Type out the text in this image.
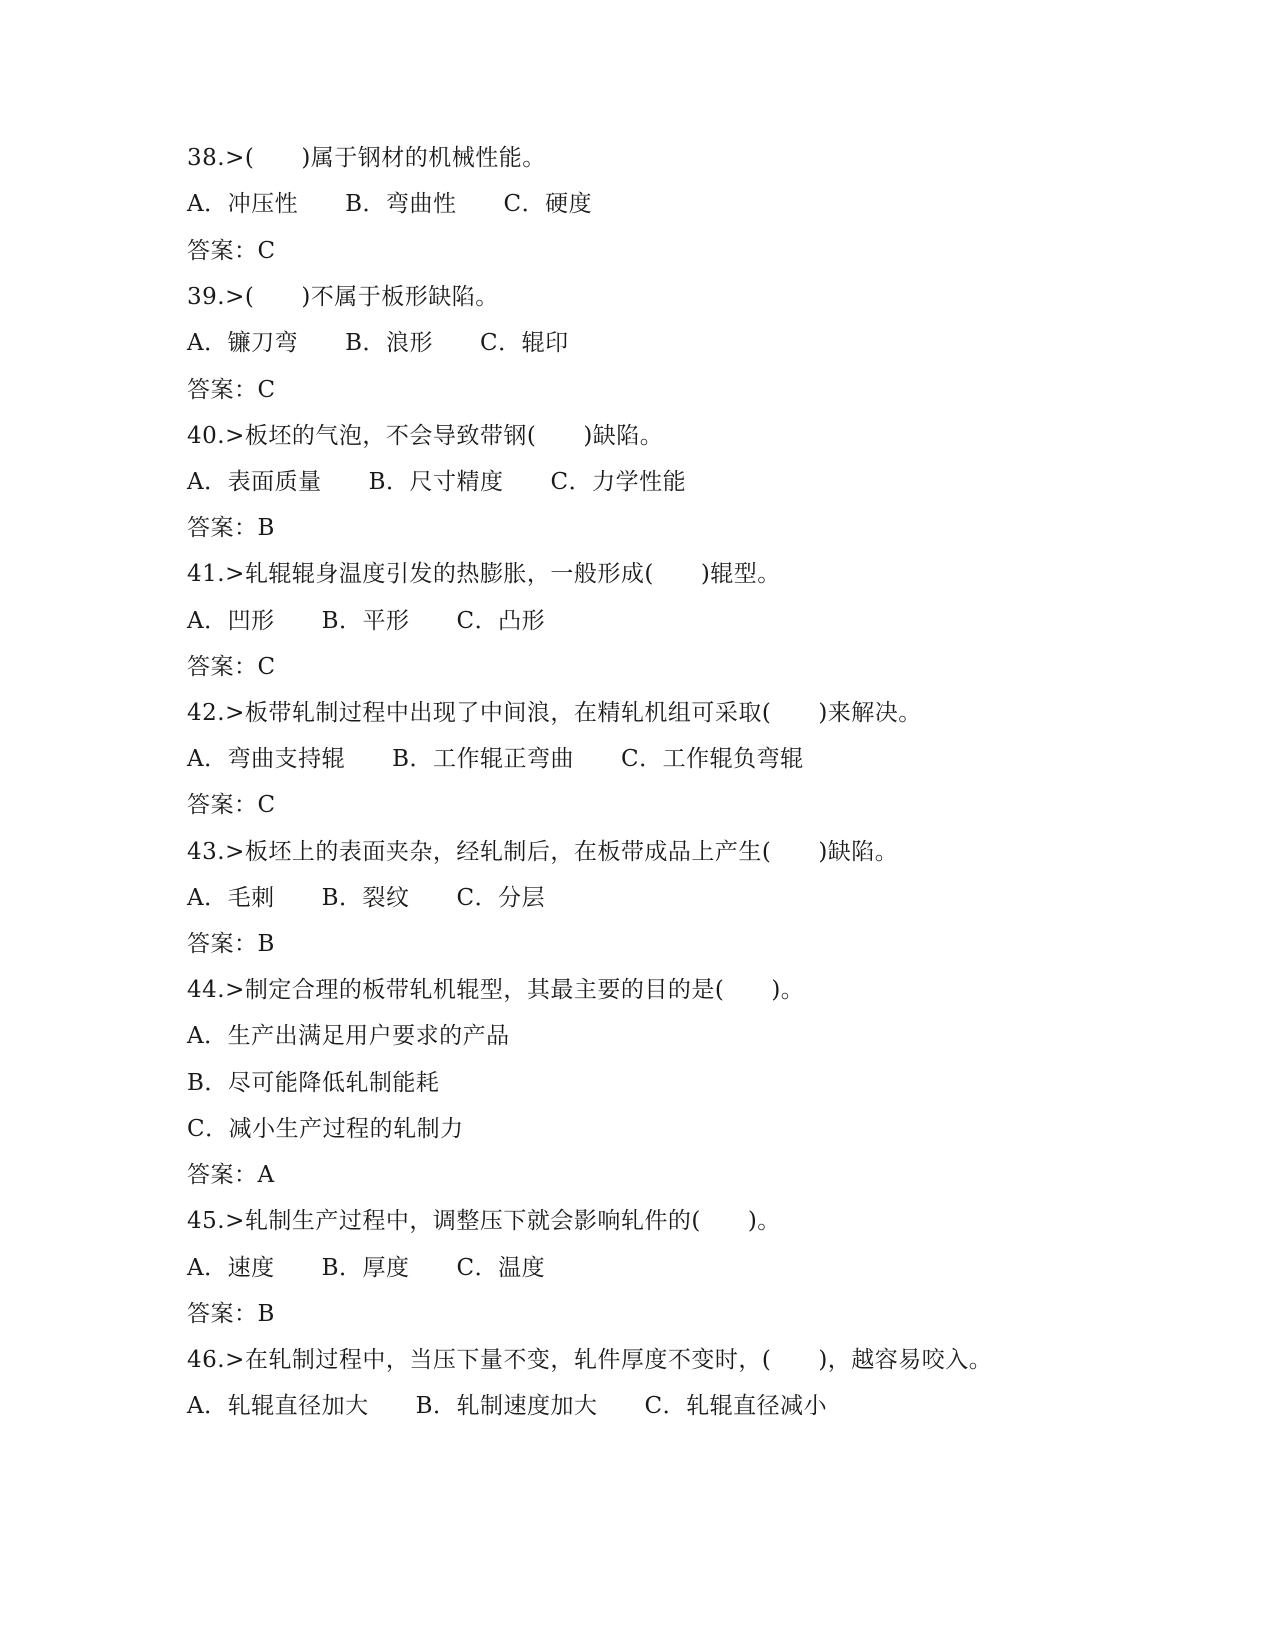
38.>(　　)属于钢材的机械性能。
A．冲压性　　B．弯曲性　　C．硬度
答案：C
39.>(　　)不属于板形缺陷。
A．镰刀弯　　B．浪形　　C．辊印
答案：C
40.>板坯的气泡，不会导致带钢(　　)缺陷。
A．表面质量　　B．尺寸精度　　C．力学性能
答案：B
41.>轧辊辊身温度引发的热膨胀，一般形成(　　)辊型。
A．凹形　　B．平形　　C．凸形
答案：C
42.>板带轧制过程中出现了中间浪，在精轧机组可采取(　　)来解决。
A．弯曲支持辊　　B．工作辊正弯曲　　C．工作辊负弯辊
答案：C
43.>板坯上的表面夹杂，经轧制后，在板带成品上产生(　　)缺陷。
A．毛刺　　B．裂纹　　C．分层
答案：B
44.>制定合理的板带轧机辊型，其最主要的目的是(　　)。
A．生产出满足用户要求的产品
B．尽可能降低轧制能耗
C．减小生产过程的轧制力
答案：A
45.>轧制生产过程中，调整压下就会影响轧件的(　　)。
A．速度　　B．厚度　　C．温度
答案：B
46.>在轧制过程中，当压下量不变，轧件厚度不变时，(　　)，越容易咬入。
A．轧辊直径加大　　B．轧制速度加大　　C．轧辊直径减小
